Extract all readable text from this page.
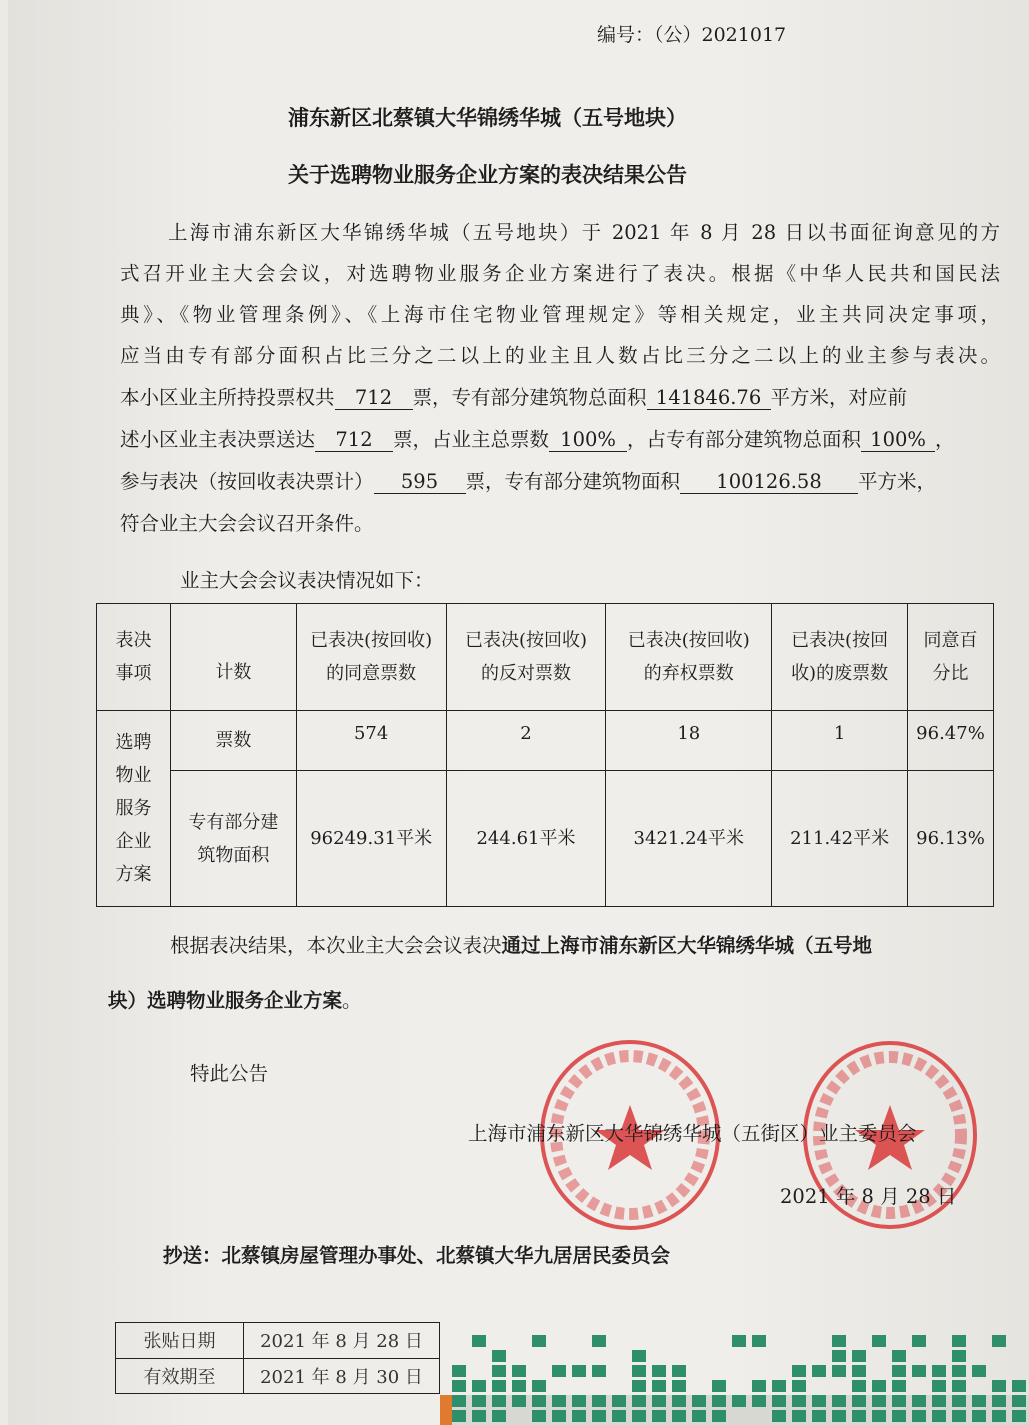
编号：（公）2021017
浦东新区北蔡镇大华锦绣华城（五号地块）
关于选聘物业服务企业方案的表决结果公告
上海市浦东新区大华锦绣华城（五号地块）于 2021 年 8 月 28 日以书面征询意见的方
式召开业主大会会议，对选聘物业服务企业方案进行了表决。根据《中华人民共和国民法
典》、《物业管理条例》、《上海市住宅物业管理规定》等相关规定，业主共同决定事项，
应当由专有部分面积占比三分之二以上的业主且人数占比三分之二以上的业主参与表决。
本小区业主所持投票权共 712 票，专有部分建筑物总面积 141846.76 平方米，对应前
述小区业主表决票送达 712 票，占业主总票数 100% ，占专有部分建筑物总面积 100% ，
参与表决（按回收表决票计） 595 票，专有部分建筑物面积 100126.58 平方米，
符合业主大会会议召开条件。
业主大会会议表决情况如下：
表决事项	计数	已表决(按回收)的同意票数	已表决(按回收)的反对票数	已表决(按回收)的弃权票数	已表决(按回收)的废票数	同意百分比
选聘物业服务企业方案	票数	574	2	18	1	96.47%
	专有部分建筑物面积	96249.31平米	244.61平米	3421.24平米	211.42平米	96.13%
根据表决结果，本次业主大会会议表决通过上海市浦东新区大华锦绣华城（五号地
块）选聘物业服务企业方案。
特此公告
上海市浦东新区大华锦绣华城（五街区）业主委员会
2021 年 8 月 28 日
抄送：北蔡镇房屋管理办事处、北蔡镇大华九居居民委员会
张贴日期	2021 年 8 月 28 日
有效期至	2021 年 8 月 30 日
